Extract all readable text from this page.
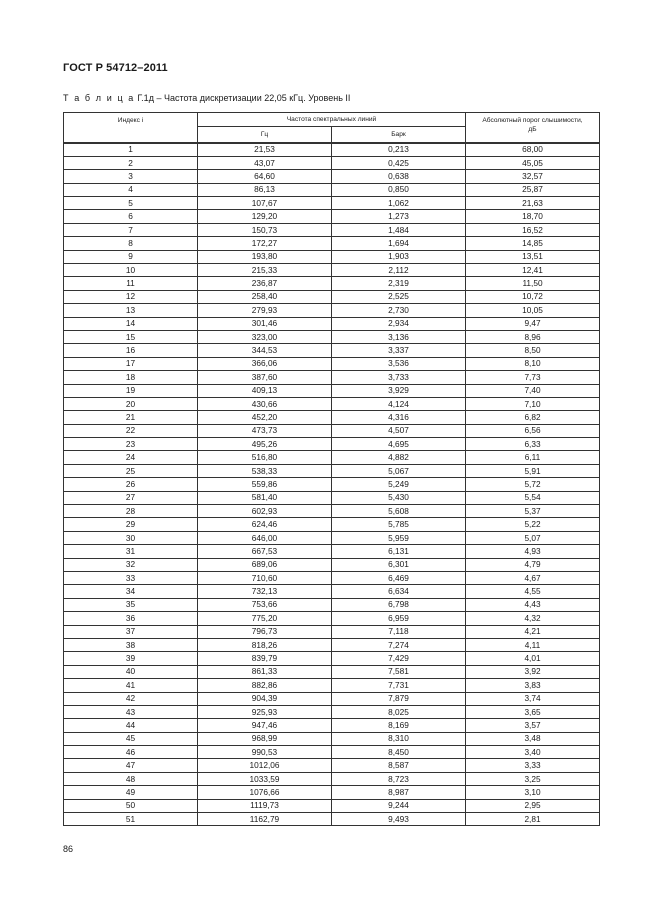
ГОСТ Р 54712–2011
Т а б л и ц а Г.1д – Частота дискретизации 22,05 кГц. Уровень II
Индекс i	Частота спектральных линий		Абсолютный порог слышимости, дБ
	Гц	Барк	
1	21,53	0,213	68,00
2	43,07	0,425	45,05
3	64,60	0,638	32,57
4	86,13	0,850	25,87
5	107,67	1,062	21,63
6	129,20	1,273	18,70
7	150,73	1,484	16,52
8	172,27	1,694	14,85
9	193,80	1,903	13,51
10	215,33	2,112	12,41
11	236,87	2,319	11,50
12	258,40	2,525	10,72
13	279,93	2,730	10,05
14	301,46	2,934	9,47
15	323,00	3,136	8,96
16	344,53	3,337	8,50
17	366,06	3,536	8,10
18	387,60	3,733	7,73
19	409,13	3,929	7,40
20	430,66	4,124	7,10
21	452,20	4,316	6,82
22	473,73	4,507	6,56
23	495,26	4,695	6,33
24	516,80	4,882	6,11
25	538,33	5,067	5,91
26	559,86	5,249	5,72
27	581,40	5,430	5,54
28	602,93	5,608	5,37
29	624,46	5,785	5,22
30	646,00	5,959	5,07
31	667,53	6,131	4,93
32	689,06	6,301	4,79
33	710,60	6,469	4,67
34	732,13	6,634	4,55
35	753,66	6,798	4,43
36	775,20	6,959	4,32
37	796,73	7,118	4,21
38	818,26	7,274	4,11
39	839,79	7,429	4,01
40	861,33	7,581	3,92
41	882,86	7,731	3,83
42	904,39	7,879	3,74
43	925,93	8,025	3,65
44	947,46	8,169	3,57
45	968,99	8,310	3,48
46	990,53	8,450	3,40
47	1012,06	8,587	3,33
48	1033,59	8,723	3,25
49	1076,66	8,987	3,10
50	1119,73	9,244	2,95
51	1162,79	9,493	2,81
86
